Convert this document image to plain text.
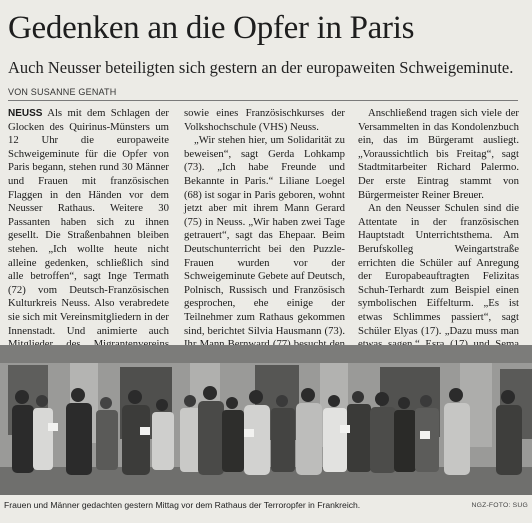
Gedenken an die Opfer in Paris
Auch Neusser beteiligten sich gestern an der europaweiten Schweigeminute.
VON SUSANNE GENATH

NEUSS Als mit dem Schlagen der Glocken des Quirinus-Münsters um 12 Uhr die europaweite Schweigeminute für die Opfer von Paris begann, stehen rund 30 Männer und Frauen mit französischen Flaggen in den Händen vor dem Neusser Rathaus. Weitere 30 Passanten haben sich zu ihnen gesellt. Die Straßenbahnen bleiben stehen. „Ich wollte heute nicht alleine gedenken, schließlich sind alle betroffen“, sagt Inge Termath (72) vom Deutsch-Französischen Kulturkreis Neuss. Also verabredete sie sich mit Vereinsmitgliedern in der Innenstadt. Und animierte auch

sowie eines Französischkurses der Volkshochschule (VHS) Neuss.

„Wir stehen hier, um Solidarität zu beweisen“, sagt Gerda Lohkamp (73). „Ich habe Freunde und Bekannte in Paris.“ Liliane Loegel (68) ist sogar in Paris geboren, wohnt jetzt aber mit ihrem Mann Gerard (75) in Neuss. „Wir haben zwei Tage getrauert“, sagt das Ehepaar. Beim Deutschunterricht bei den Puzzle-Frauen wurden vor der Schweigeminute Gebete auf Deutsch, Polnisch, Russisch und Französisch gesprochen, ehe einige der Teilnehmer zum Rathaus gekommen sind, berichtet Silvia Hausmann (73).

Anschließend tragen sich viele der Versammelten in das Kondolenzbuch ein, das im Bürgeramt ausliegt. „Voraussichtlich bis Freitag“, sagt Stadtmitarbeiter Richard Palermo. Der erste Eintrag stammt von Bürgermeister Reiner Breuer.

An den Neusser Schulen sind die Attentate in der französischen Hauptstadt Unterrichtsthema. Am Berufskolleg Weingartstraße errichten die Schüler auf Anregung der Europabeauftragten Felizitas Schuh-Terhardt zum Beispiel einen symbolischen Eiffelturm. „Es ist etwas Schlimmes passiert“, sagt Schüler Elyas (17). „Dazu muss man

Frauen und Männer gedachten gestern Mittag vor dem Rathaus der Terroropfer in Frankreich.	NGZ-FOTO: SUG
